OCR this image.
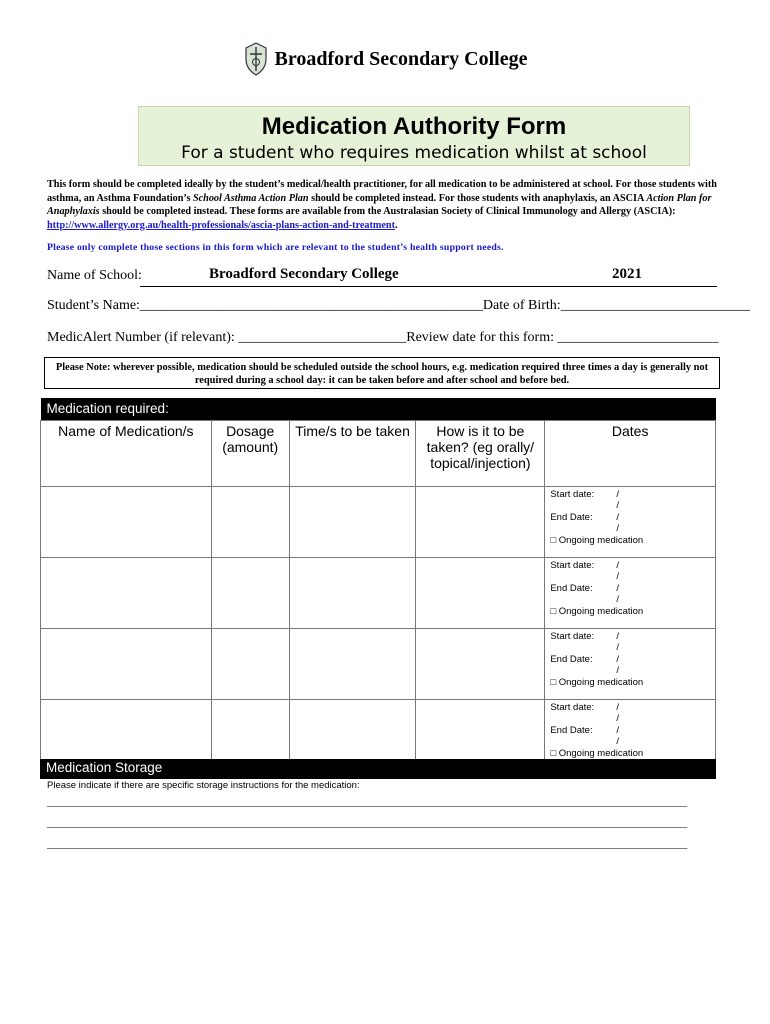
Broadford Secondary College
Medication Authority Form
For a student who requires medication whilst at school
This form should be completed ideally by the student’s medical/health practitioner, for all medication to be administered at school. For those students with asthma, an Asthma Foundation’s School Asthma Action Plan should be completed instead. For those students with anaphylaxis, an ASCIA Action Plan for Anaphylaxis should be completed instead. These forms are available from the Australasian Society of Clinical Immunology and Allergy (ASCIA): http://www.allergy.org.au/health-professionals/ascia-plans-action-and-treatment.
Please only complete those sections in this form which are relevant to the student’s health support needs.
Name of School:	Broadford Secondary College	2021
Student’s Name:_________________________________________________Date of Birth:___________________________
MedicAlert Number (if relevant): ________________________Review date for this form: _______________________
Please Note: wherever possible, medication should be scheduled outside the school hours, e.g. medication required three times a day is generally not required during a school day: it can be taken before and after school and before bed.
Medication required:				
Name of Medication/s	Dosage (amount)	Time/s to be taken	How is it to be taken? (eg orally/ topical/injection)	Dates

				Start date: / /
End Date: / /
□ Ongoing medication

				Start date: / /
End Date: / /
□ Ongoing medication

				Start date: / /
End Date: / /
□ Ongoing medication

				Start date: / /
End Date: / /
□ Ongoing medication
Medication Storage
Please indicate if there are specific storage instructions for the medication:
______________________________________________________________________________________________________________________________________________
______________________________________________________________________________________________________________________________________________
______________________________________________________________________________________________________________________________________________
